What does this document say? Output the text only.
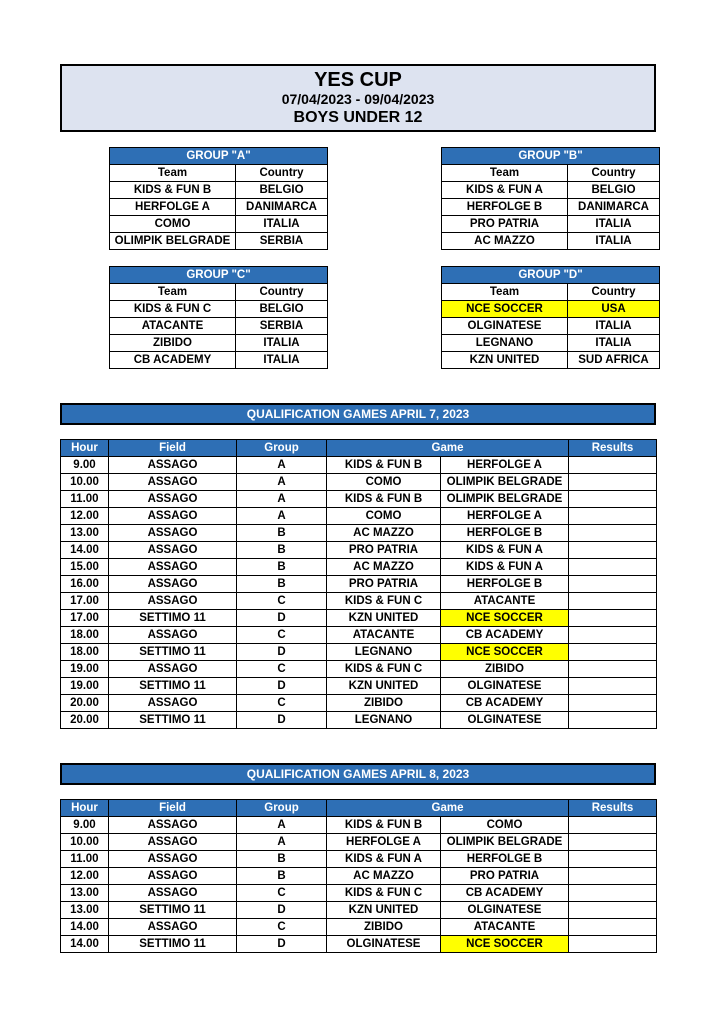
YES CUP
07/04/2023 - 09/04/2023
BOYS UNDER 12
GROUP "A"	
Team	Country
KIDS & FUN B	BELGIO
HERFOLGE A	DANIMARCA
COMO	ITALIA
OLIMPIK BELGRADE	SERBIA
GROUP "B"	
Team	Country
KIDS & FUN A	BELGIO
HERFOLGE B	DANIMARCA
PRO PATRIA	ITALIA
AC MAZZO	ITALIA
GROUP "C"	
Team	Country
KIDS & FUN C	BELGIO
ATACANTE	SERBIA
ZIBIDO	ITALIA
CB ACADEMY	ITALIA
GROUP "D"	
Team	Country
NCE SOCCER	USA
OLGINATESE	ITALIA
LEGNANO	ITALIA
KZN UNITED	SUD AFRICA
QUALIFICATION GAMES APRIL 7, 2023
Hour	Field	Group	Game		Results
9.00	ASSAGO	A	KIDS & FUN B	HERFOLGE A	
10.00	ASSAGO	A	COMO	OLIMPIK BELGRADE	
11.00	ASSAGO	A	KIDS & FUN B	OLIMPIK BELGRADE	
12.00	ASSAGO	A	COMO	HERFOLGE A	
13.00	ASSAGO	B	AC MAZZO	HERFOLGE B	
14.00	ASSAGO	B	PRO PATRIA	KIDS & FUN A	
15.00	ASSAGO	B	AC MAZZO	KIDS & FUN A	
16.00	ASSAGO	B	PRO PATRIA	HERFOLGE B	
17.00	ASSAGO	C	KIDS & FUN C	ATACANTE	
17.00	SETTIMO 11	D	KZN UNITED	NCE SOCCER	
18.00	ASSAGO	C	ATACANTE	CB ACADEMY	
18.00	SETTIMO 11	D	LEGNANO	NCE SOCCER	
19.00	ASSAGO	C	KIDS & FUN C	ZIBIDO	
19.00	SETTIMO 11	D	KZN UNITED	OLGINATESE	
20.00	ASSAGO	C	ZIBIDO	CB ACADEMY	
20.00	SETTIMO 11	D	LEGNANO	OLGINATESE	
QUALIFICATION GAMES APRIL 8, 2023
Hour	Field	Group	Game		Results
9.00	ASSAGO	A	KIDS & FUN B	COMO	
10.00	ASSAGO	A	HERFOLGE A	OLIMPIK BELGRADE	
11.00	ASSAGO	B	KIDS & FUN A	HERFOLGE B	
12.00	ASSAGO	B	AC MAZZO	PRO PATRIA	
13.00	ASSAGO	C	KIDS & FUN C	CB ACADEMY	
13.00	SETTIMO 11	D	KZN UNITED	OLGINATESE	
14.00	ASSAGO	C	ZIBIDO	ATACANTE	
14.00	SETTIMO 11	D	OLGINATESE	NCE SOCCER	
